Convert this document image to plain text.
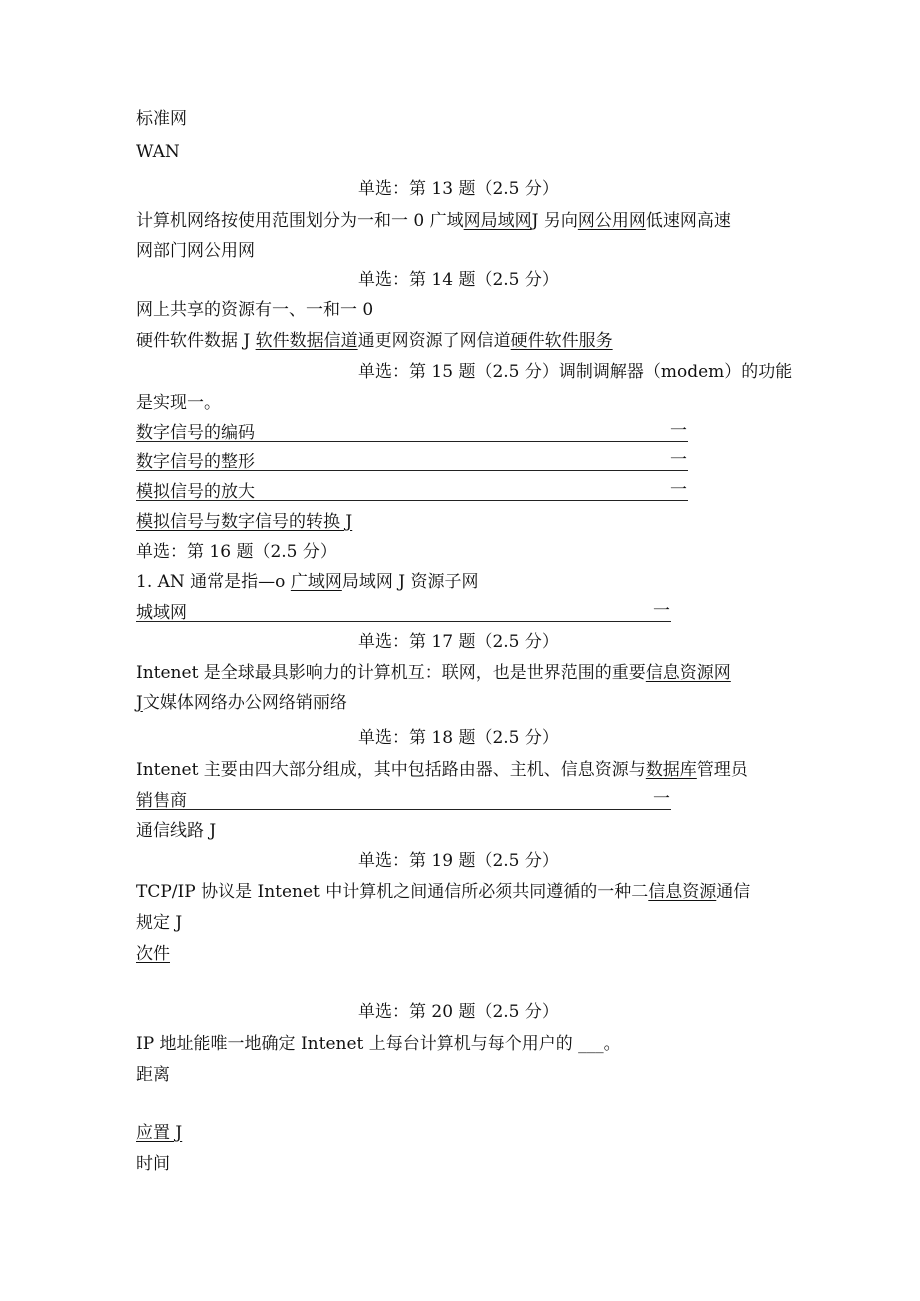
标准网
WAN
单选：第 13 题（2.5 分）
计算机网络按使用范围划分为一和一 0 广域网局域网J 另向网公用网低速网高速
网部门网公用网
单选：第 14 题（2.5 分）
网上共享的资源有一、一和一 0
硬件软件数据 J 软件数据信道通更网资源了网信道硬件软件服务
单选：第 15 题（2.5 分）调制调解器（modem）的功能
是实现一。
数字信号的编码	一
数字信号的整形	一
模拟信号的放大	一
模拟信号与数字信号的转换 J
单选：第 16 题（2.5 分）
1. AN 通常是指—o 广域网局域网 J 资源子网
城域网	一
单选：第 17 题（2.5 分）
Intenet 是全球最具影响力的计算机互：联网，也是世界范围的重要信息资源网
J文媒体网络办公网络销丽络
单选：第 18 题（2.5 分）
Intenet 主要由四大部分组成，其中包括路由器、主机、信息资源与数据库管理员
销售商	一
通信线路 J
单选：第 19 题（2.5 分）
TCP/IP 协议是 Intenet 中计算机之间通信所必须共同遵循的一种二信息资源通信
规定 J
次件
单选：第 20 题（2.5 分）
IP 地址能唯一地确定 Intenet 上每台计算机与每个用户的 ___。
距离
应置 J
时间
